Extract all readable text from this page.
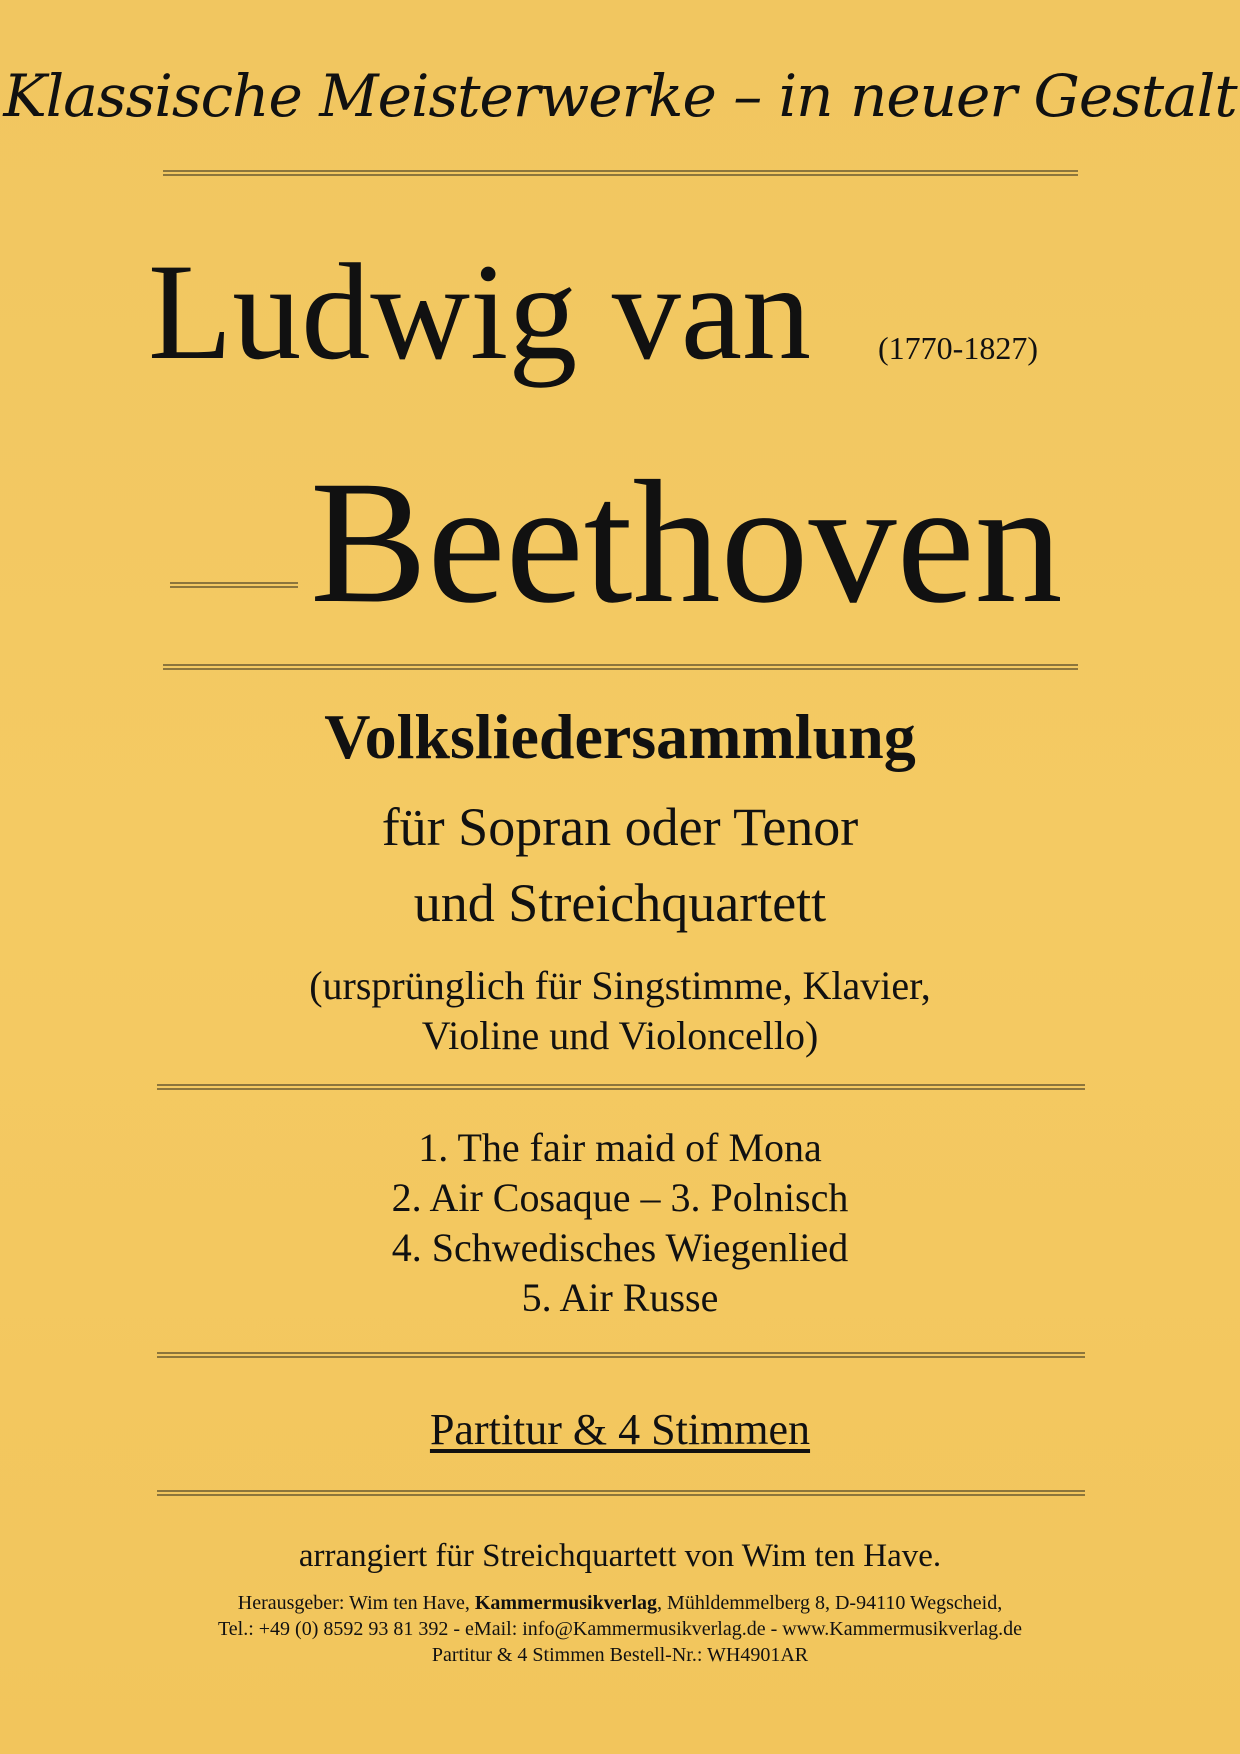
Klassische Meisterwerke – in neuer Gestalt
Ludwig van (1770-1827)
Beethoven
Volksliedersammlung
für Sopran oder Tenor
und Streichquartett
(ursprünglich für Singstimme, Klavier,
Violine und Violoncello)
1. The fair maid of Mona
2. Air Cosaque – 3. Polnisch
4. Schwedisches Wiegenlied
5. Air Russe
Partitur & 4 Stimmen
arrangiert für Streichquartett von Wim ten Have.
Herausgeber: Wim ten Have, Kammermusikverlag, Mühldemmelberg 8, D-94110 Wegscheid,
Tel.: +49 (0) 8592 93 81 392 - eMail: info@Kammermusikverlag.de - www.Kammermusikverlag.de
Partitur & 4 Stimmen Bestell-Nr.: WH4901AR
